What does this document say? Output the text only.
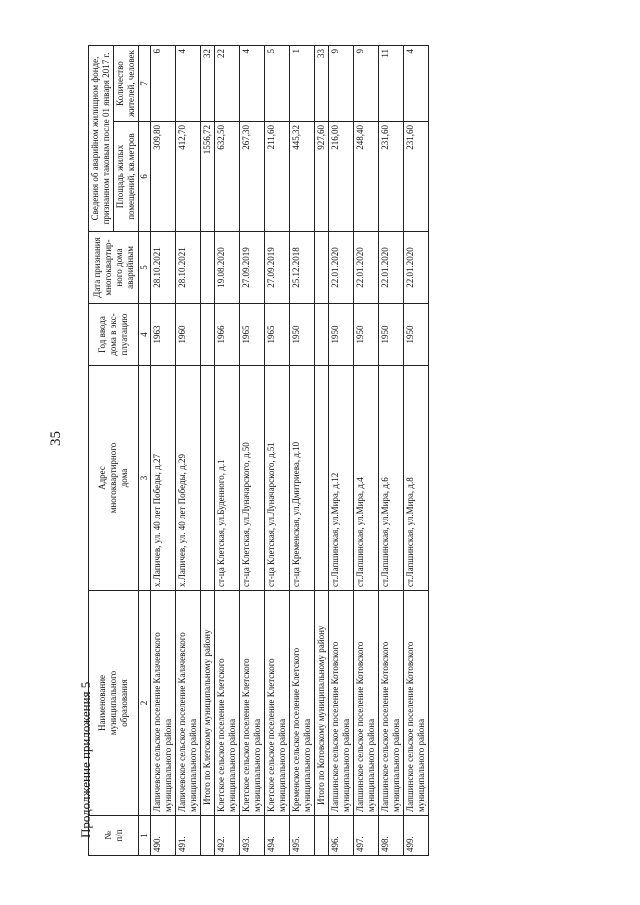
35
Продолжение приложения 5 №
п/п	Наименование
муниципального
образования	Адрес
многоквартирного
дома	Год ввода
дома в экс-
плуатацию	Дата признания
многоквартир-
ного дома
аварийным	Сведения об аварийном жилищном фонде,
признанном таковым после 01 января 2017 г.	
					Площадь жилых
помещений, кв.метров	Количество
жителей, человек
1	2	3	4	5	6	7
490.	Лапичевское сельское поселение Калачевского муниципального района	х.Лапичев, ул. 40 лет Победы, д.27	1963	28.10.2021	309,80	6
491.	Лапичевское сельское поселение Калачевского муниципального района	х.Лапичев, ул. 40 лет Победы, д.29	1960	28.10.2021	412,70	4
	Итого по Клетскому муниципальному району				1556,72	32
492.	Клетское сельское поселение Клетского муниципального района	ст-ца Клетская, ул.Буденного, д.1	1966	19.08.2020	632,50	22
493.	Клетское сельское поселение Клетского муниципального района	ст-ца Клетская, ул.Луначарского, д.50	1965	27.09.2019	267,30	4
494.	Клетское сельское поселение Клетского муниципального района	ст-ца Клетская, ул.Луначарского, д.51	1965	27.09.2019	211,60	5
495.	Кременское сельское поселение Клетского муниципального района	ст-ца Кременская, ул.Дмитриева, д.10	1950	25.12.2018	445,32	1
	Итого по Котовскому муниципальному району				927,60	33
496.	Лапшинское сельское поселение Котовского муниципального района	ст.Лапшинская, ул.Мира, д.12	1950	22.01.2020	216,00	9
497.	Лапшинское сельское поселение Котовского муниципального района	ст.Лапшинская, ул.Мира, д.4	1950	22.01.2020	248,40	9
498.	Лапшинское сельское поселение Котовского муниципального района	ст.Лапшинская, ул.Мира, д.6	1950	22.01.2020	231,60	11
499.	Лапшинское сельское поселение Котовского муниципального района	ст.Лапшинская, ул.Мира, д.8	1950	22.01.2020	231,60	4
